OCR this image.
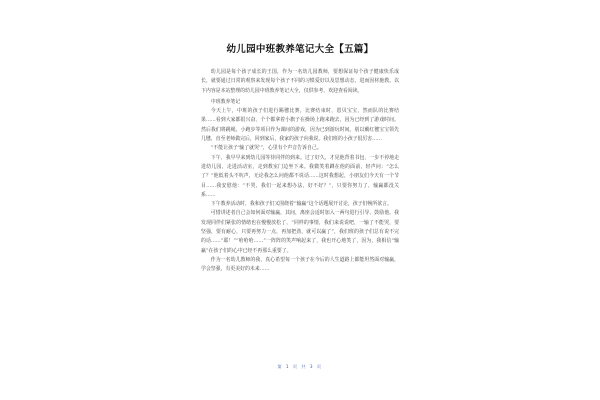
幼儿园中班教养笔记大全【五篇】

幼儿园是每个孩子成长的王国，作为一名幼儿园教师，要想保证每个孩子健康快乐成长，就要通过日常的观察来发现每个孩子不同的习惯爱好以及思想动态，进而因材施教。以下内容是本站整理的幼儿园中班教养笔记大全，仅供参考，欢迎查看阅读。

中班教养笔记

今天上午，中班的孩子们进行踢毽比赛，比赛结束时，恩贝宝宝，然而队的比赛结果……看到大家都很兴奋，个个都拿着小旗子在操场上跑来跑去，因为已经到了游戏时间。然后我们将跳绳、小跑步等项目作为课间的游戏，因为已到游玩时间。别以戴红毽宝宝领先几毽，直至老师做完后，回到家后，我家的孩子向我说，我们班的小孩子很厉害……

“不能让孩子‘输了就哭’”，心里有个声音告诉自己。

下午，我早早来到幼儿园等待同伴的到来。过了好久，才见他背着书包，一步不停地走进幼儿园，走进活动室，走到教室门边坐下来。我微笑着蹲在他的面前，轻声问：“怎么了？”他低着头不吭声，无论我怎么问他都不说话……这时我想起，小朋友们今天有一个节目……我安慰他：“不哭，我们一起来想办法，好不好？”，只要你努力了，输赢都没关系……

下午教养活动时，我和孩子们又围绕着“输赢”这个话题展开讨论，孩子们畅所欲言。

可惜讲述者自己会如何面对输赢，其间，离座会适时加入一两句进行引导、鼓励他。我发现同伴们紧张的情绪也在慢慢放松了，“同样的事情，我们来说说吧，一输了不能哭，要坚强，要有耐心，只要再努力一点，再加把劲，就可以赢了”，我们班的孩子们总有说不完的话……“耶！”“哈哈哈……”一阵阵的笑声响起来了，我也开心地笑了，因为，我相信“输赢”在孩子们的心中已经不再那么重要了。

作为一名幼儿教师的我，真心希望每一个孩子在今后的人生道路上都能坦然面对输赢，学会坚强，有更美好的未来……

第 1 页 共 3 页
